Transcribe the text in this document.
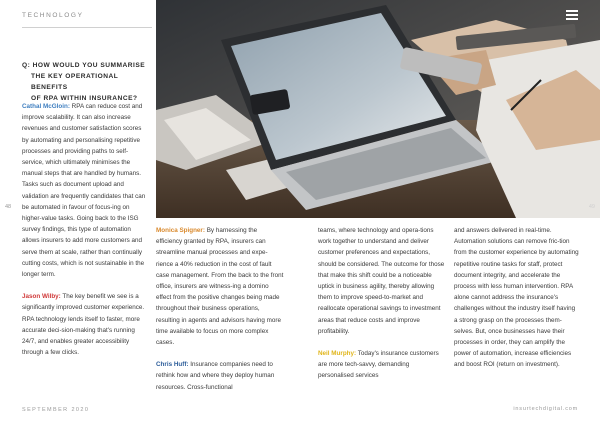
TECHNOLOGY
Q: HOW WOULD YOU SUMMARISE

THE KEY OPERATIONAL BENEFITS
OF RPA WITHIN INSURANCE?

Cathal McGloin: RPA can reduce cost and improve scalability. It can also increase revenues and customer satisfaction scores by automating and personalising repetitive processes and providing paths to self-service, which ultimately minimises the manual steps that are handled by humans. Tasks such as document upload and validation are frequently candidates that can be automated in favour of focus-ing on higher-value tasks. Going back to the ISG survey findings, this type of automation allows insurers to add more customers and serve them at scale, rather than continually cutting costs, which is not sustainable in the longer term.

Jason Wilby: The key benefit we see is a significantly improved customer experience. RPA technology lends itself to faster, more accurate deci-sion-making that's running 24/7, and enables greater accessibility through a few clicks.

Monica Spigner: By harnessing the efficiency granted by RPA, insurers can streamline manual processes and expe-rience a 40% reduction in the cost of fault case management. From the back to the front office, insurers are witness-ing a domino effect from the positive changes being made throughout their business operations, resulting in agents and advisors having more time available to focus on more complex cases.

Chris Huff: Insurance companies need to rethink how and where they deploy human resources. Cross-functional

teams, where technology and opera-tions work together to understand and deliver customer preferences and expectations, should be considered. The outcome for those that make this shift could be a noticeable uptick in business agility, thereby allowing them to improve speed-to-market and reallocate operational savings to investment areas that reduce costs and improve profitability.

Neil Murphy: Today's insurance customers are more tech-savvy, demanding personalised services

and answers delivered in real-time. Automation solutions can remove fric-tion from the customer experience by automating repetitive routine tasks for staff, protect document integrity, and accelerate the process with less human intervention. RPA alone cannot address the insurance's challenges without the industry itself having a strong grasp on the processes them-selves. But, once businesses have their processes in order, they can amplify the power of automation, increase efficiencies and boost ROI (return on investment).

48	49
SEPTEMBER 2020	insurtechdigital.com
